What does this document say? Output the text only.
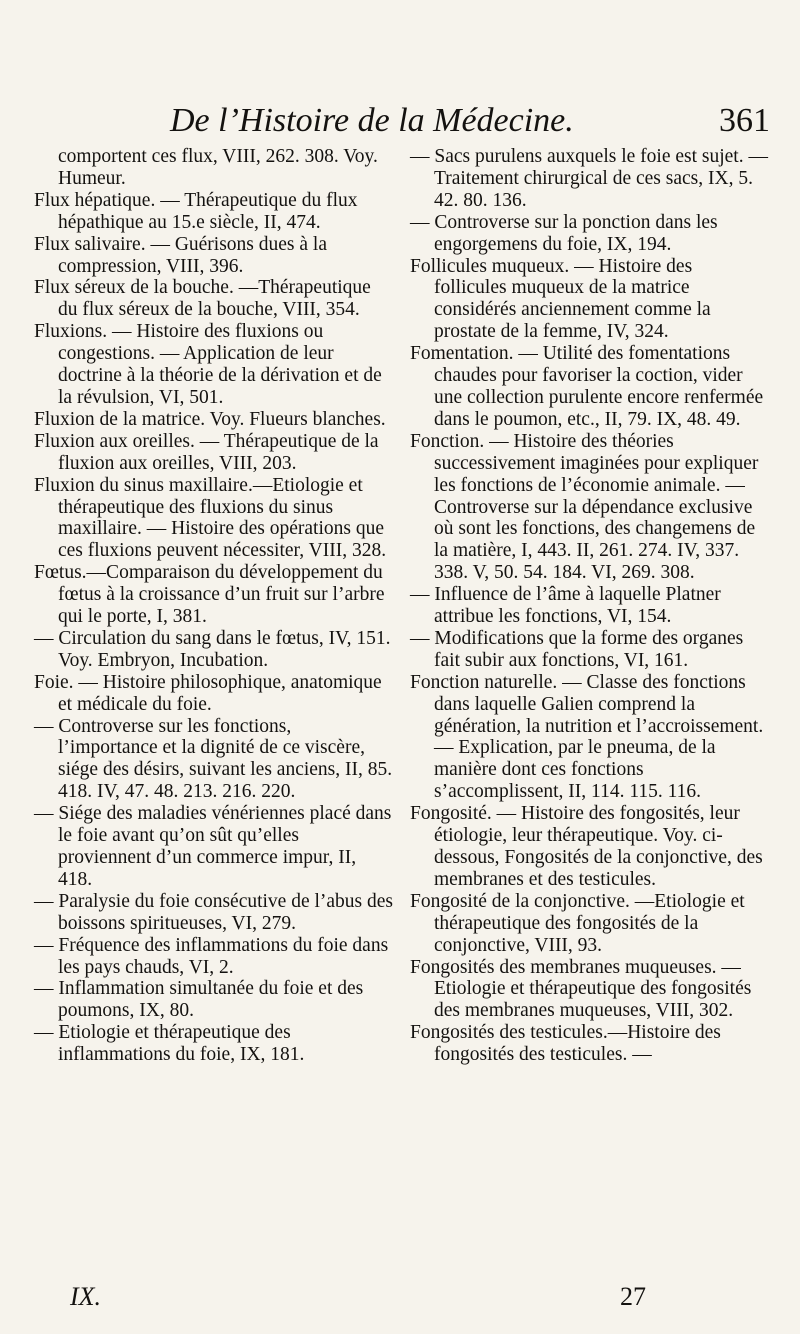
De l’Histoire de la Médecine.	361

comportent ces flux, VIII, 262. 308. Voy. Humeur.

Flux hépatique. — Thérapeutique du flux hépathique au 15.e siècle, II, 474.

Flux salivaire. — Guérisons dues à la compression, VIII, 396.

Flux séreux de la bouche. —Thérapeutique du flux séreux de la bouche, VIII, 354.

Fluxions. — Histoire des fluxions ou congestions. — Application de leur doctrine à la théorie de la dérivation et de la révulsion, VI, 501.

Fluxion de la matrice. Voy. Flueurs blanches.

Fluxion aux oreilles. — Thérapeutique de la fluxion aux oreilles, VIII, 203.

Fluxion du sinus maxillaire.—Etiologie et thérapeutique des fluxions du sinus maxillaire. — Histoire des opérations que ces fluxions peuvent nécessiter, VIII, 328.

Fœtus.—Comparaison du développement du fœtus à la croissance d’un fruit sur l’arbre qui le porte, I, 381.

— Circulation du sang dans le fœtus, IV, 151. Voy. Embryon, Incubation.

Foie. — Histoire philosophique, anatomique et médicale du foie.

— Controverse sur les fonctions, l’importance et la dignité de ce viscère, siége des désirs, suivant les anciens, II, 85. 418. IV, 47. 48. 213. 216. 220.

— Siége des maladies vénériennes placé dans le foie avant qu’on sût qu’elles proviennent d’un commerce impur, II, 418.

— Paralysie du foie consécutive de l’abus des boissons spiritueuses, VI, 279.

— Fréquence des inflammations du foie dans les pays chauds, VI, 2.

— Inflammation simultanée du foie et des poumons, IX, 80.

— Etiologie et thérapeutique des inflammations du foie, IX, 181.

— Sacs purulens auxquels le foie est sujet. — Traitement chirurgical de ces sacs, IX, 5. 42. 80. 136.

— Controverse sur la ponction dans les engorgemens du foie, IX, 194.

Follicules muqueux. — Histoire des follicules muqueux de la matrice considérés anciennement comme la prostate de la femme, IV, 324.

Fomentation. — Utilité des fomentations chaudes pour favoriser la coction, vider une collection purulente encore renfermée dans le poumon, etc., II, 79. IX, 48. 49.

Fonction. — Histoire des théories successivement imaginées pour expliquer les fonctions de l’économie animale. — Controverse sur la dépendance exclusive où sont les fonctions, des changemens de la matière, I, 443. II, 261. 274. IV, 337. 338. V, 50. 54. 184. VI, 269. 308.

— Influence de l’âme à laquelle Platner attribue les fonctions, VI, 154.

— Modifications que la forme des organes fait subir aux fonctions, VI, 161.

Fonction naturelle. — Classe des fonctions dans laquelle Galien comprend la génération, la nutrition et l’accroissement. — Explication, par le pneuma, de la manière dont ces fonctions s’accomplissent, II, 114. 115. 116.

Fongosité. — Histoire des fongosités, leur étiologie, leur thérapeutique. Voy. ci-dessous, Fongosités de la conjonctive, des membranes et des testicules.

Fongosité de la conjonctive. —Etiologie et thérapeutique des fongosités de la conjonctive, VIII, 93.

Fongosités des membranes muqueuses. — Etiologie et thérapeutique des fongosités des membranes muqueuses, VIII, 302.

Fongosités des testicules.—Histoire des fongosités des testicules. —

IX.	27
